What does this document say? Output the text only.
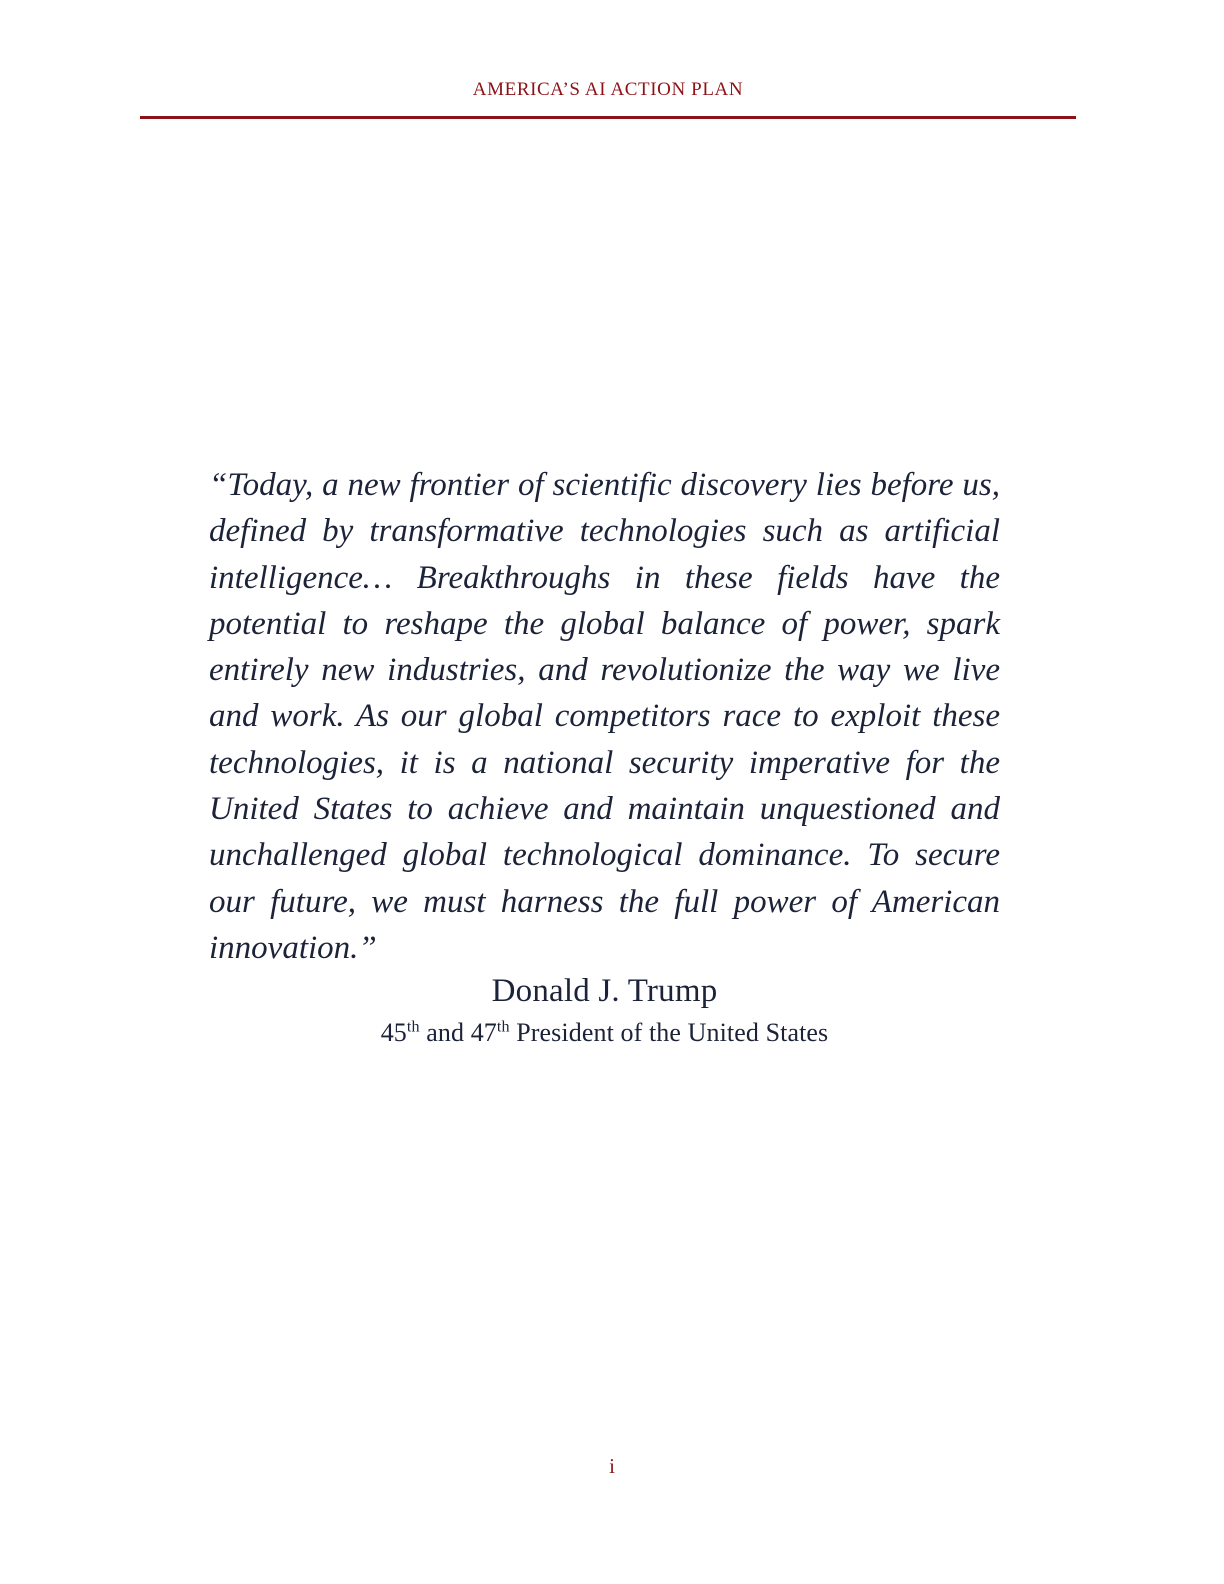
AMERICA’S AI ACTION PLAN

“Today, a new frontier of scientific discovery lies before us, defined by transformative technologies such as artificial intelligence… Breakthroughs in these fields have the potential to reshape the global balance of power, spark entirely new industries, and revolutionize the way we live and work. As our global competitors race to exploit these technologies, it is a national security imperative for the United States to achieve and maintain unquestioned and unchallenged global technological dominance. To secure our future, we must harness the full power of American innovation.”

Donald J. Trump
45th and 47th President of the United States
i
